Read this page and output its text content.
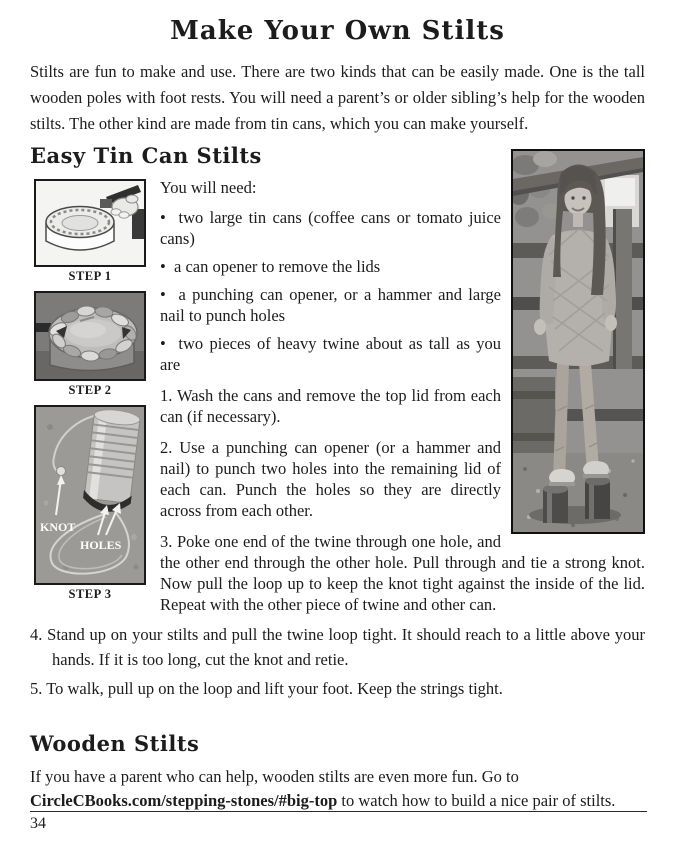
Make Your Own Stilts

Stilts are fun to make and use. There are two kinds that can be easily made. One is the tall wooden poles with foot rests. You will need a parent’s or older sibling’s help for the wooden stilts. The other kind are made from tin cans, which you can make yourself.

Easy Tin Can Stilts
STEP 1
STEP 2
KNOT
HOLES
STEP 3

You will need:

•  two large tin cans (coffee cans or tomato juice cans)

•  a can opener to remove the lids

•  a punching can opener, or a hammer and large nail to punch holes

•  two pieces of heavy twine about as tall as you are

1. Wash the cans and remove the top lid from each can (if necessary).

2. Use a punching can opener (or a hammer and nail) to punch two holes into the remaining lid of each can. Punch the holes so they are directly across from each other.

3. Poke one end of the twine through one hole, and the other end through the other hole. Pull through and tie a strong knot. Now pull the loop up to keep the knot tight against the inside of the lid. Repeat with the other piece of twine and other can.

4. Stand up on your stilts and pull the twine loop tight. It should reach to a little above your hands. If it is too long, cut the knot and retie.

5. To walk, pull up on the loop and lift your foot. Keep the strings tight.

Wooden Stilts

If you have a parent who can help, wooden stilts are even more fun. Go to CircleCBooks.com/stepping-stones/#big-top to watch how to build a nice pair of stilts.

34
